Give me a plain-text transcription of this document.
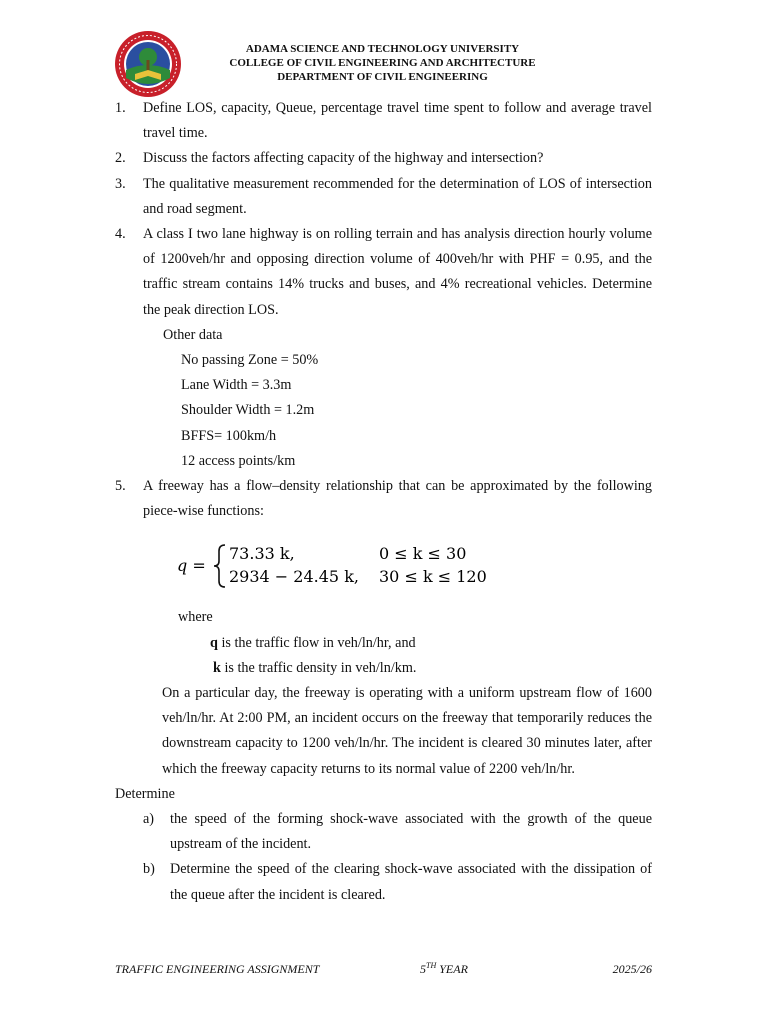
ADAMA SCIENCE AND TECHNOLOGY UNIVERSITY
COLLEGE OF CIVIL ENGINEERING AND ARCHITECTURE
DEPARTMENT OF CIVIL ENGINEERING
1.	Define LOS, capacity, Queue, percentage travel time spent to follow and average travel travel time.
2.	Discuss the factors affecting capacity of the highway and intersection?
3.	The qualitative measurement recommended for the determination of LOS of intersection and road segment.
4.	A class I two lane highway is on rolling terrain and has analysis direction hourly volume of 1200veh/hr and opposing direction volume of 400veh/hr with PHF = 0.95, and the traffic stream contains 14% trucks and buses, and 4% recreational vehicles. Determine the peak direction LOS.
Other data
No passing Zone = 50%
Lane Width = 3.3m
Shoulder Width = 1.2m
BFFS= 100km/h
12 access points/km
5.	A freeway has a flow–density relationship that can be approximated by the following piece-wise functions:
q =
73.33 k,	0 ≤ k ≤ 30
2934 − 24.45 k, 30 ≤ k ≤ 120
where
q is the traffic flow in veh/ln/hr, and
k is the traffic density in veh/ln/km.
On a particular day, the freeway is operating with a uniform upstream flow of 1600 veh/ln/hr. At 2:00 PM, an incident occurs on the freeway that temporarily reduces the downstream capacity to 1200 veh/ln/hr. The incident is cleared 30 minutes later, after which the freeway capacity returns to its normal value of 2200 veh/ln/hr.
Determine
a)	the speed of the forming shock-wave associated with the growth of the queue upstream of the incident.
b)	Determine the speed of the clearing shock-wave associated with the dissipation of the queue after the incident is cleared.
TRAFFIC ENGINEERING ASSIGNMENT	5TH YEAR	2025/26
